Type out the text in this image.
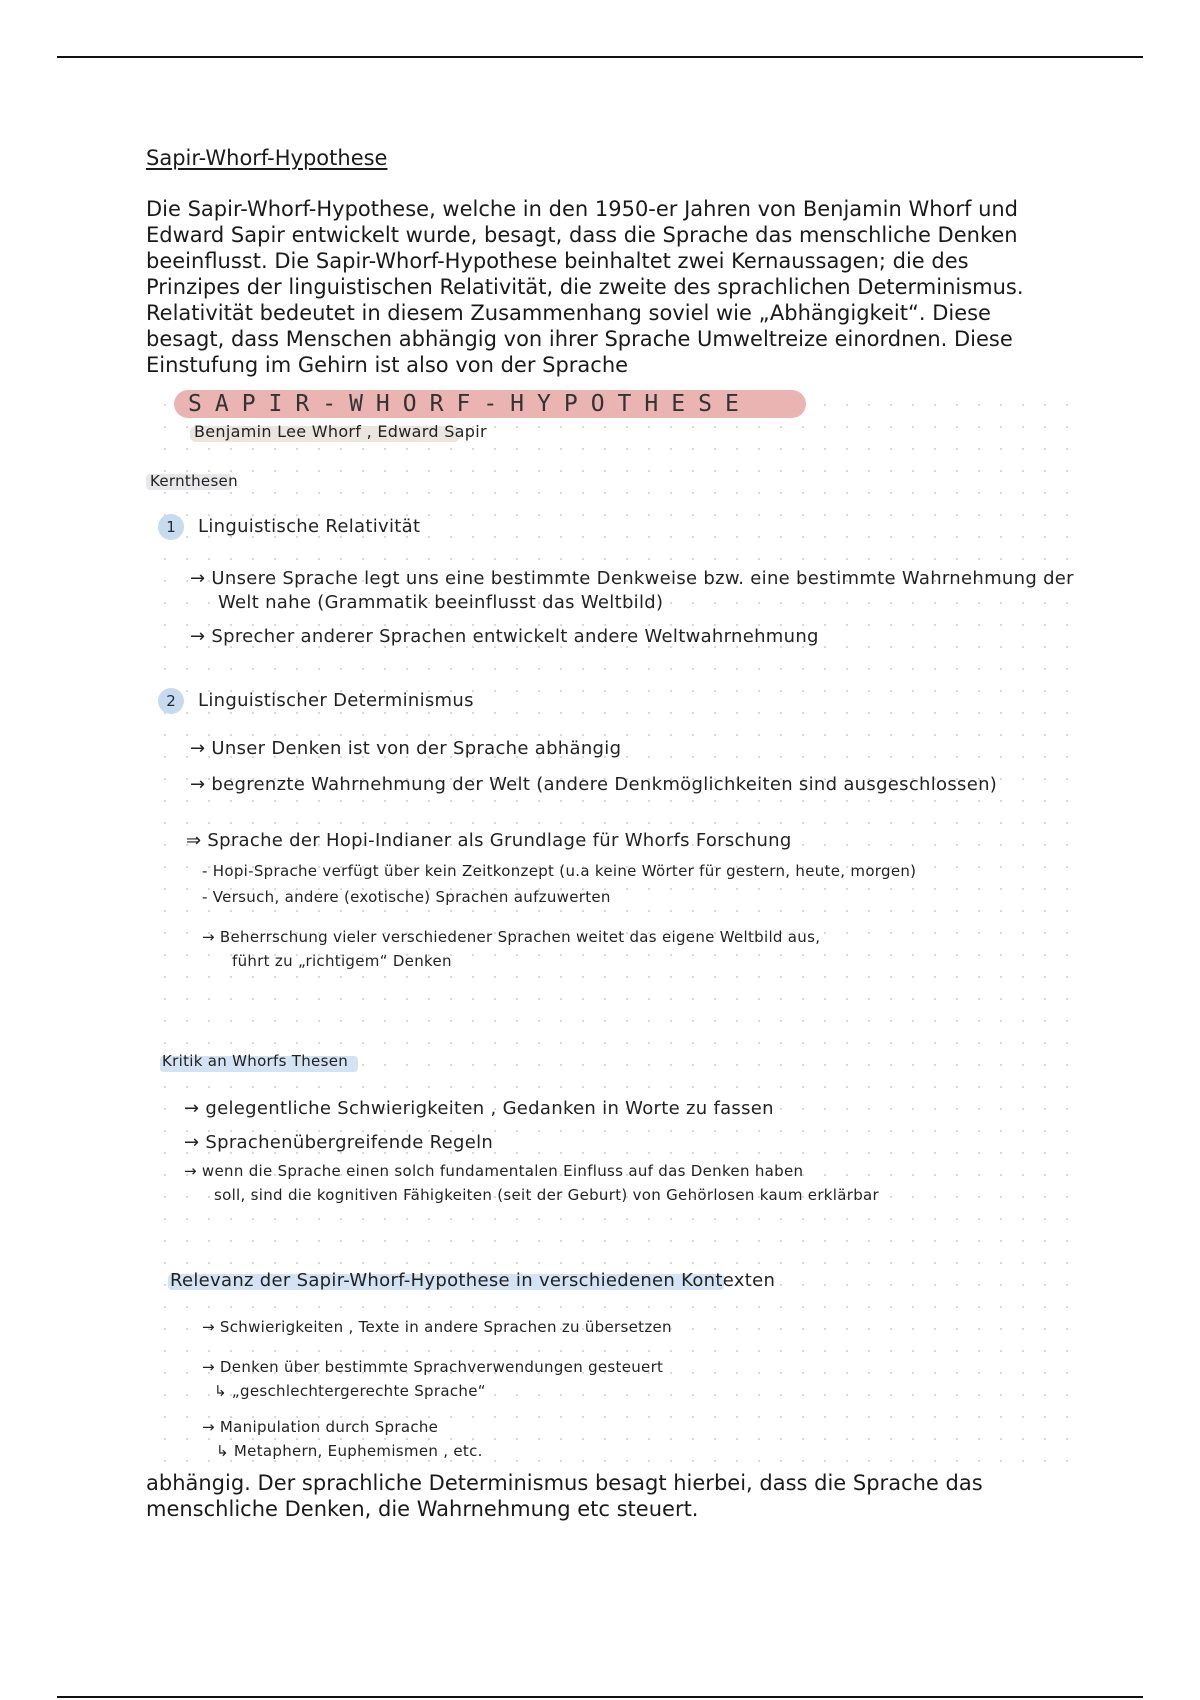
Sapir-Whorf-Hypothese

Die Sapir-Whorf-Hypothese, welche in den 1950-er Jahren von Benjamin Whorf und Edward Sapir entwickelt wurde, besagt, dass die Sprache das menschliche Denken beeinflusst. Die Sapir-Whorf-Hypothese beinhaltet zwei Kernaussagen; die des Prinzipes der linguistischen Relativität, die zweite des sprachlichen Determinismus. Relativität bedeutet in diesem Zusammenhang soviel wie „Abhängigkeit“. Diese besagt, dass Menschen abhängig von ihrer Sprache Umweltreize einordnen. Diese Einstufung im Gehirn ist also von der Sprache

SAPIR-WHORF-HYPOTHESE
Benjamin Lee Whorf , Edward Sapir
Kernthesen
1	Linguistische Relativität
→ Unsere Sprache legt uns eine bestimmte Denkweise bzw. eine bestimmte Wahrnehmung der
Welt nahe (Grammatik beeinflusst das Weltbild)
→ Sprecher anderer Sprachen entwickelt andere Weltwahrnehmung
2	Linguistischer Determinismus
→ Unser Denken ist von der Sprache abhängig
→ begrenzte Wahrnehmung der Welt (andere Denkmöglichkeiten sind ausgeschlossen)
⇒ Sprache der Hopi-Indianer als Grundlage für Whorfs Forschung
- Hopi-Sprache verfügt über kein Zeitkonzept (u.a keine Wörter für gestern, heute, morgen)
- Versuch, andere (exotische) Sprachen aufzuwerten
→ Beherrschung vieler verschiedener Sprachen weitet das eigene Weltbild aus,
führt zu „richtigem“ Denken
Kritik an Whorfs Thesen
→ gelegentliche Schwierigkeiten , Gedanken in Worte zu fassen
→ Sprachenübergreifende Regeln
→ wenn die Sprache einen solch fundamentalen Einfluss auf das Denken haben
soll, sind die kognitiven Fähigkeiten (seit der Geburt) von Gehörlosen kaum erklärbar
Relevanz der Sapir-Whorf-Hypothese in verschiedenen Kontexten
→ Schwierigkeiten , Texte in andere Sprachen zu übersetzen
→ Denken über bestimmte Sprachverwendungen gesteuert
↳ „geschlechtergerechte Sprache“
→ Manipulation durch Sprache
↳ Metaphern, Euphemismen , etc.

abhängig. Der sprachliche Determinismus besagt hierbei, dass die Sprache das menschliche Denken, die Wahrnehmung etc steuert.
